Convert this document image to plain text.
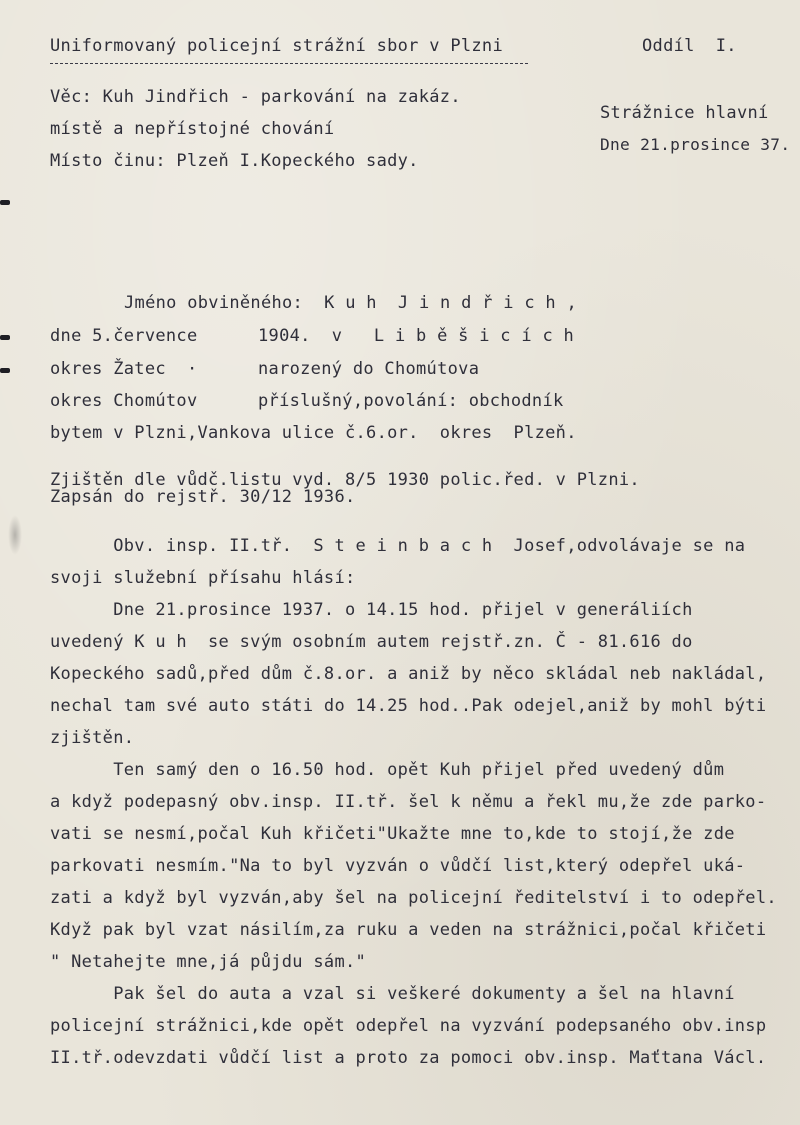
Uniformovaný policejní strážní sbor v Plzni	Oddíl  I.
Strážnice hlavní
Dne 21.prosince 37.
Věc: Kuh Jindřich - parkování na zakáz.
místě a nepřístojné chování
Místo činu: Plzeň I.Kopeckého sady.
Jméno obviněného:  K u h  J i n d ř i c h ,
dne 5.července	1904.  v   L i b ě š i c í c h
okres Žatec  ·	narozený do Chomútova
okres Chomútov	příslušný,povolání: obchodník
bytem v Plzni,Vankova ulice č.6.or.  okres  Plzeň.
Zjištěn dle vůdč.listu vyd. 8/5 1930 polic.řed. v Plzni.
Zapsán do rejstř. 30/12 1936.
Obv. insp. II.tř.  S t e i n b a c h  Josef,odvolávaje se na
svoji služební přísahu hlásí:
Dne 21.prosince 1937. o 14.15 hod. přijel v generáliích
uvedený K u h  se svým osobním autem rejstř.zn. Č - 81.616 do
Kopeckého sadů,před dům č.8.or. a aniž by něco skládal neb nakládal,
nechal tam své auto státi do 14.25 hod..Pak odejel,aniž by mohl býti
zjištěn.
Ten samý den o 16.50 hod. opět Kuh přijel před uvedený dům
a když podepasný obv.insp. II.tř. šel k němu a řekl mu,že zde parko-
vati se nesmí,počal Kuh křičeti"Ukažte mne to,kde to stojí,že zde
parkovati nesmím."Na to byl vyzván o vůdčí list,který odepřel uká-
zati a když byl vyzván,aby šel na policejní ředitelství i to odepřel.
Když pak byl vzat násilím,za ruku a veden na strážnici,počal křičeti
" Netahejte mne,já půjdu sám."
Pak šel do auta a vzal si veškeré dokumenty a šel na hlavní
policejní strážnici,kde opět odepřel na vyzvání podepsaného obv.insp
II.tř.odevzdati vůdčí list a proto za pomoci obv.insp. Maťtana Václ.
